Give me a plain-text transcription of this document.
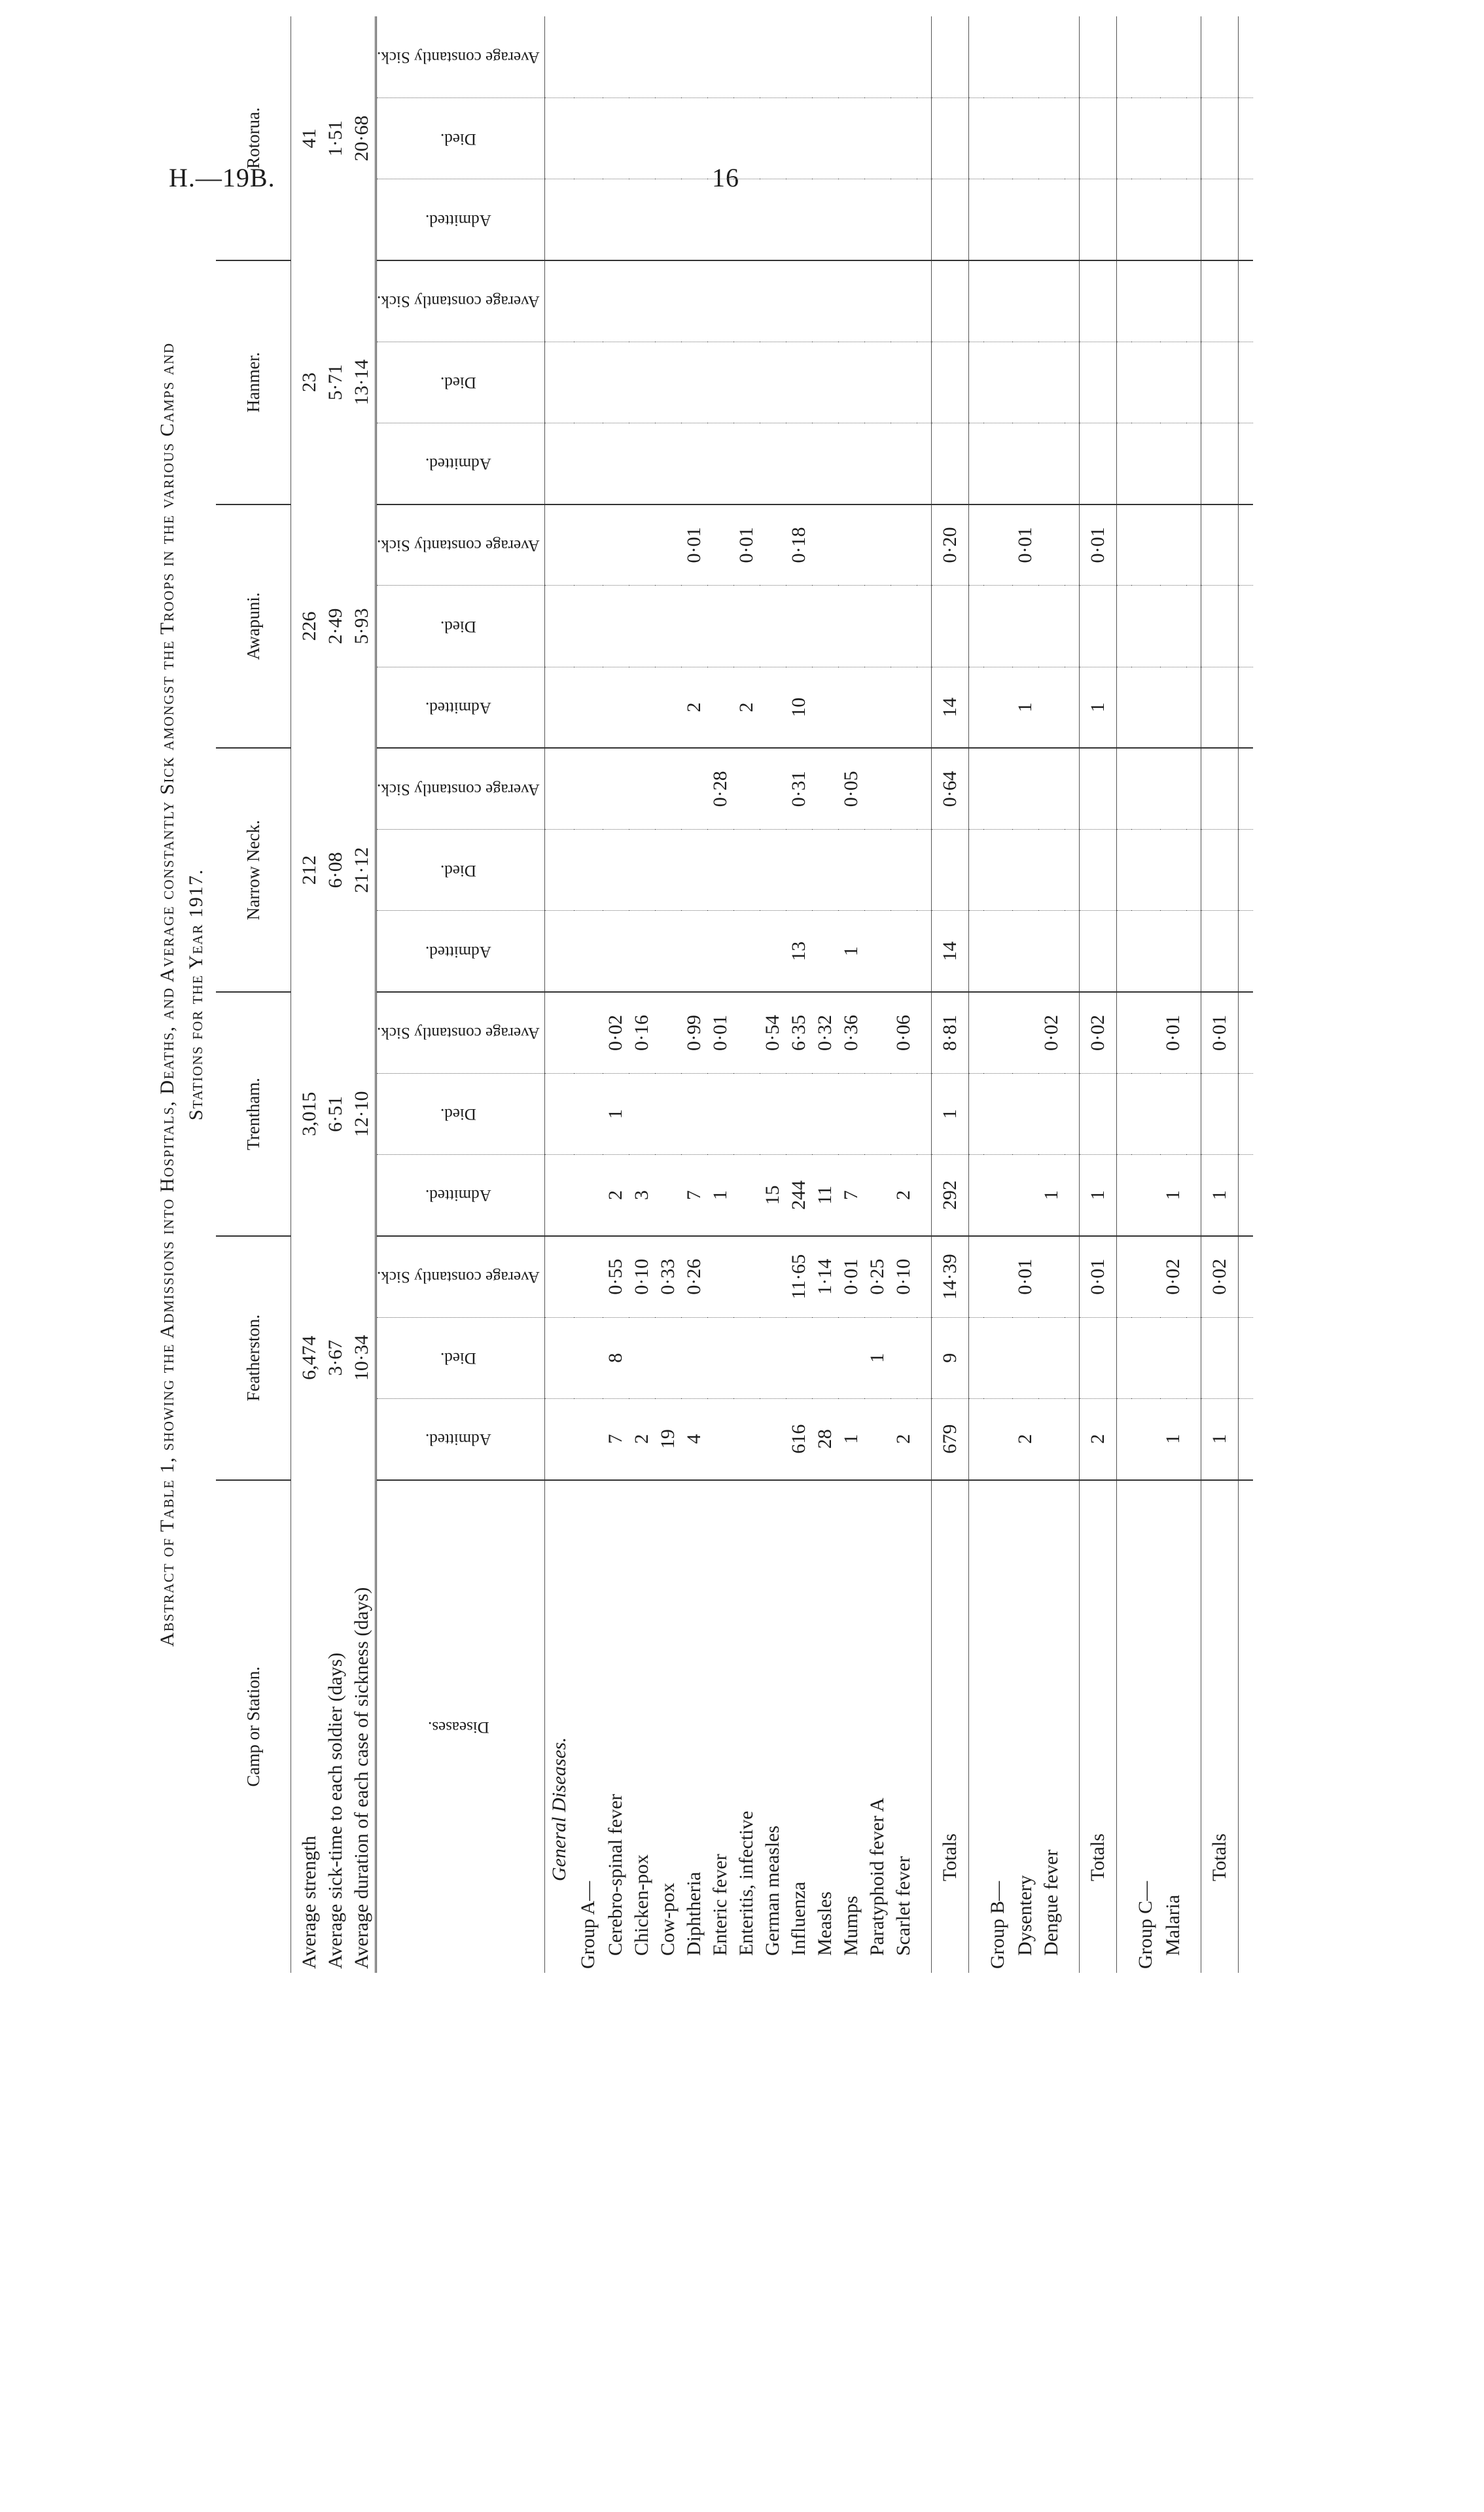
H.—19B.	16
Abstract of Table 1, showing the Admissions into Hospitals, Deaths, and Average constantly Sick amongst the Troops in the various Camps and Stations for the Year 1917.
Camp or Station.	Featherston.			Trentham.			Narrow Neck.			Awapuni.			Hanmer.			Rotorua.		
Average strength	6,474			3,015			212			226			23			41		
Average sick-time to each soldier (days)	3·67			6·51			6·08			2·49			5·71			1·51		
Average duration of each case of sickness (days)	10·34			12·10			21·12			5·93			13·14			20·68		
Diseases.	Admitted.	Died.	Average constantly Sick.	Admitted.	Died.	Average constantly Sick.	Admitted.	Died.	Average constantly Sick.	Admitted.	Died.	Average constantly Sick.	Admitted.	Died.	Average constantly Sick.	Admitted.	Died.	Average constantly Sick.
General Diseases.																		
Group A—																		
Cerebro-spinal fever	7	8	0·55	2	1	0·02												
Chicken-pox	2		0·10	3		0·16												
Cow-pox	19		0·33															
Diphtheria	4		0·26	7		0·99				2		0·01						
Enteric fever				1		0·01			0·28									
Enteritis, infective										2		0·01						
German measles				15		0·54												
Influenza	616		11·65	244		6·35	13		0·31	10		0·18						
Measles	28		1·14	11		0·32												
Mumps	1		0·01	7		0·36	1		0·05									
Paratyphoid fever A		1	0·25															
Scarlet fever	2		0·10	2		0·06												

Totals	679	9	14·39	292	1	8·81	14		0·64	14		0·20						

Group B—																		
Dysentery	2		0·01							1		0·01						
Dengue fever				1		0·02												

Totals	2		0·01	1		0·02				1		0·01						

Group C—																		
Malaria	1		0·02	1		0·01												

Totals	1		0·02	1		0·01												
